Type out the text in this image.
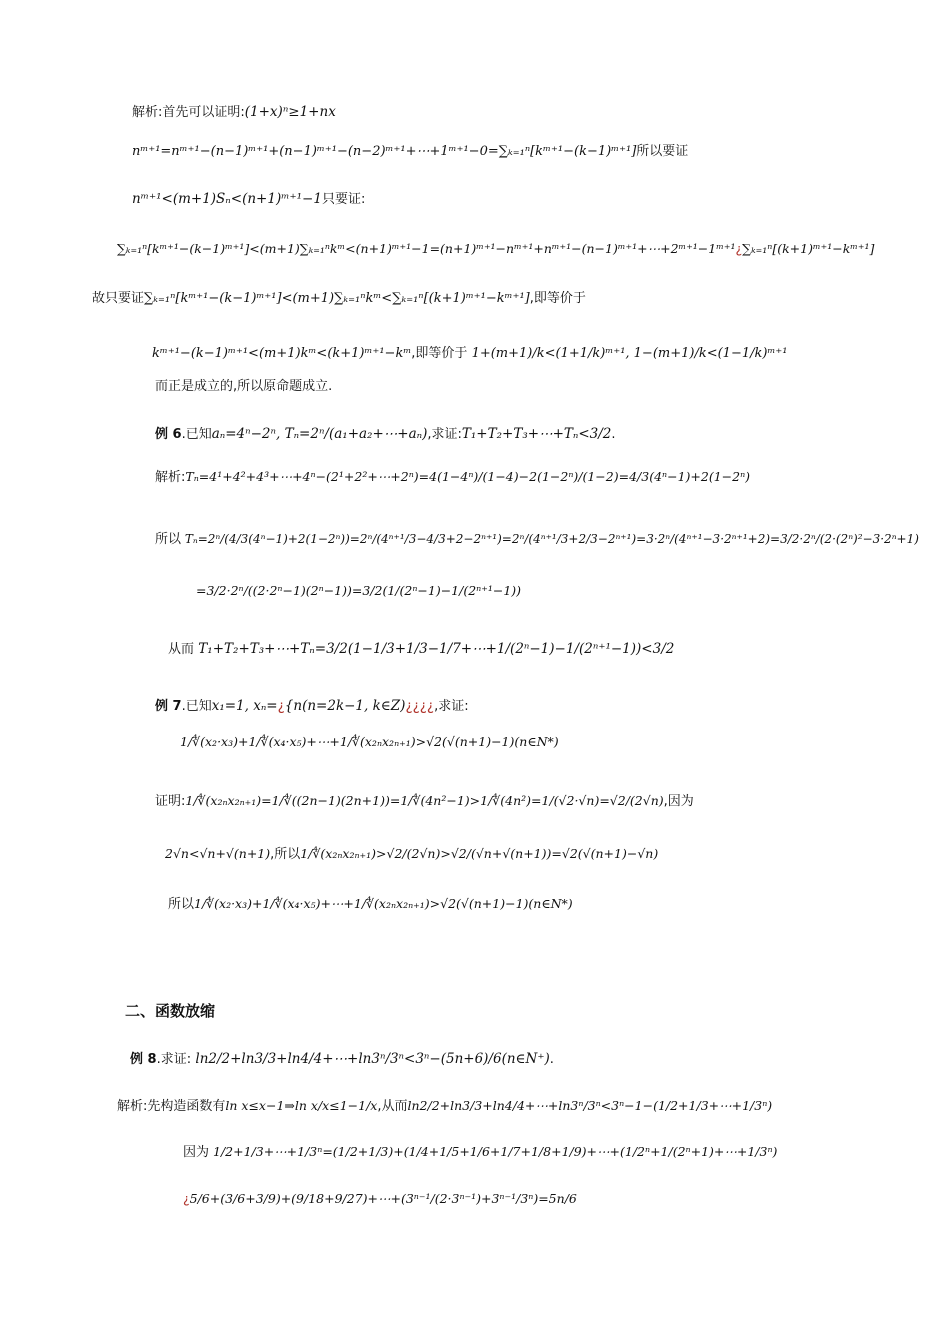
解析:首先可以证明:(1+x)ⁿ≥1+nx
nᵐ⁺¹=nᵐ⁺¹−(n−1)ᵐ⁺¹+(n−1)ᵐ⁺¹−(n−2)ᵐ⁺¹+⋯+1ᵐ⁺¹−0=∑ₖ₌₁ⁿ[kᵐ⁺¹−(k−1)ᵐ⁺¹]所以要证
nᵐ⁺¹<(m+1)Sₙ<(n+1)ᵐ⁺¹−1只要证:
∑ₖ₌₁ⁿ[kᵐ⁺¹−(k−1)ᵐ⁺¹]<(m+1)∑ₖ₌₁ⁿkᵐ<(n+1)ᵐ⁺¹−1=(n+1)ᵐ⁺¹−nᵐ⁺¹+nᵐ⁺¹−(n−1)ᵐ⁺¹+⋯+2ᵐ⁺¹−1ᵐ⁺¹¿∑ₖ₌₁ⁿ[(k+1)ᵐ⁺¹−kᵐ⁺¹]
故只要证∑ₖ₌₁ⁿ[kᵐ⁺¹−(k−1)ᵐ⁺¹]<(m+1)∑ₖ₌₁ⁿkᵐ<∑ₖ₌₁ⁿ[(k+1)ᵐ⁺¹−kᵐ⁺¹],即等价于
kᵐ⁺¹−(k−1)ᵐ⁺¹<(m+1)kᵐ<(k+1)ᵐ⁺¹−kᵐ,即等价于 1+(m+1)/k<(1+1/k)ᵐ⁺¹, 1−(m+1)/k<(1−1/k)ᵐ⁺¹
而正是成立的,所以原命题成立.
例 6.已知aₙ=4ⁿ−2ⁿ, Tₙ=2ⁿ/(a₁+a₂+⋯+aₙ),求证:T₁+T₂+T₃+⋯+Tₙ<3/2.
解析:Tₙ=4¹+4²+4³+⋯+4ⁿ−(2¹+2²+⋯+2ⁿ)=4(1−4ⁿ)/(1−4)−2(1−2ⁿ)/(1−2)=4/3(4ⁿ−1)+2(1−2ⁿ)
所以 Tₙ=2ⁿ/(4/3(4ⁿ−1)+2(1−2ⁿ))=2ⁿ/(4ⁿ⁺¹/3−4/3+2−2ⁿ⁺¹)=2ⁿ/(4ⁿ⁺¹/3+2/3−2ⁿ⁺¹)=3·2ⁿ/(4ⁿ⁺¹−3·2ⁿ⁺¹+2)=3/2·2ⁿ/(2·(2ⁿ)²−3·2ⁿ+1)
=3/2·2ⁿ/((2·2ⁿ−1)(2ⁿ−1))=3/2(1/(2ⁿ−1)−1/(2ⁿ⁺¹−1))
从而 T₁+T₂+T₃+⋯+Tₙ=3/2(1−1/3+1/3−1/7+⋯+1/(2ⁿ−1)−1/(2ⁿ⁺¹−1))<3/2
例 7.已知x₁=1, xₙ=¿{n(n=2k−1, k∈Z)¿¿¿¿,求证:
1/∜(x₂·x₃)+1/∜(x₄·x₅)+⋯+1/∜(x₂ₙx₂ₙ₊₁)>√2(√(n+1)−1)(n∈N*)
证明:1/∜(x₂ₙx₂ₙ₊₁)=1/∜((2n−1)(2n+1))=1/∜(4n²−1)>1/∜(4n²)=1/(√2·√n)=√2/(2√n),因为
2√n<√n+√(n+1),所以1/∜(x₂ₙx₂ₙ₊₁)>√2/(2√n)>√2/(√n+√(n+1))=√2(√(n+1)−√n)
所以1/∜(x₂·x₃)+1/∜(x₄·x₅)+⋯+1/∜(x₂ₙx₂ₙ₊₁)>√2(√(n+1)−1)(n∈N*)
例 8.求证: ln2/2+ln3/3+ln4/4+⋯+ln3ⁿ/3ⁿ<3ⁿ−(5n+6)/6(n∈N⁺).
解析:先构造函数有ln x≤x−1⇒ln x/x≤1−1/x,从而ln2/2+ln3/3+ln4/4+⋯+ln3ⁿ/3ⁿ<3ⁿ−1−(1/2+1/3+⋯+1/3ⁿ)
因为 1/2+1/3+⋯+1/3ⁿ=(1/2+1/3)+(1/4+1/5+1/6+1/7+1/8+1/9)+⋯+(1/2ⁿ+1/(2ⁿ+1)+⋯+1/3ⁿ)
¿5/6+(3/6+3/9)+(9/18+9/27)+⋯+(3ⁿ⁻¹/(2·3ⁿ⁻¹)+3ⁿ⁻¹/3ⁿ)=5n/6
二、函数放缩
